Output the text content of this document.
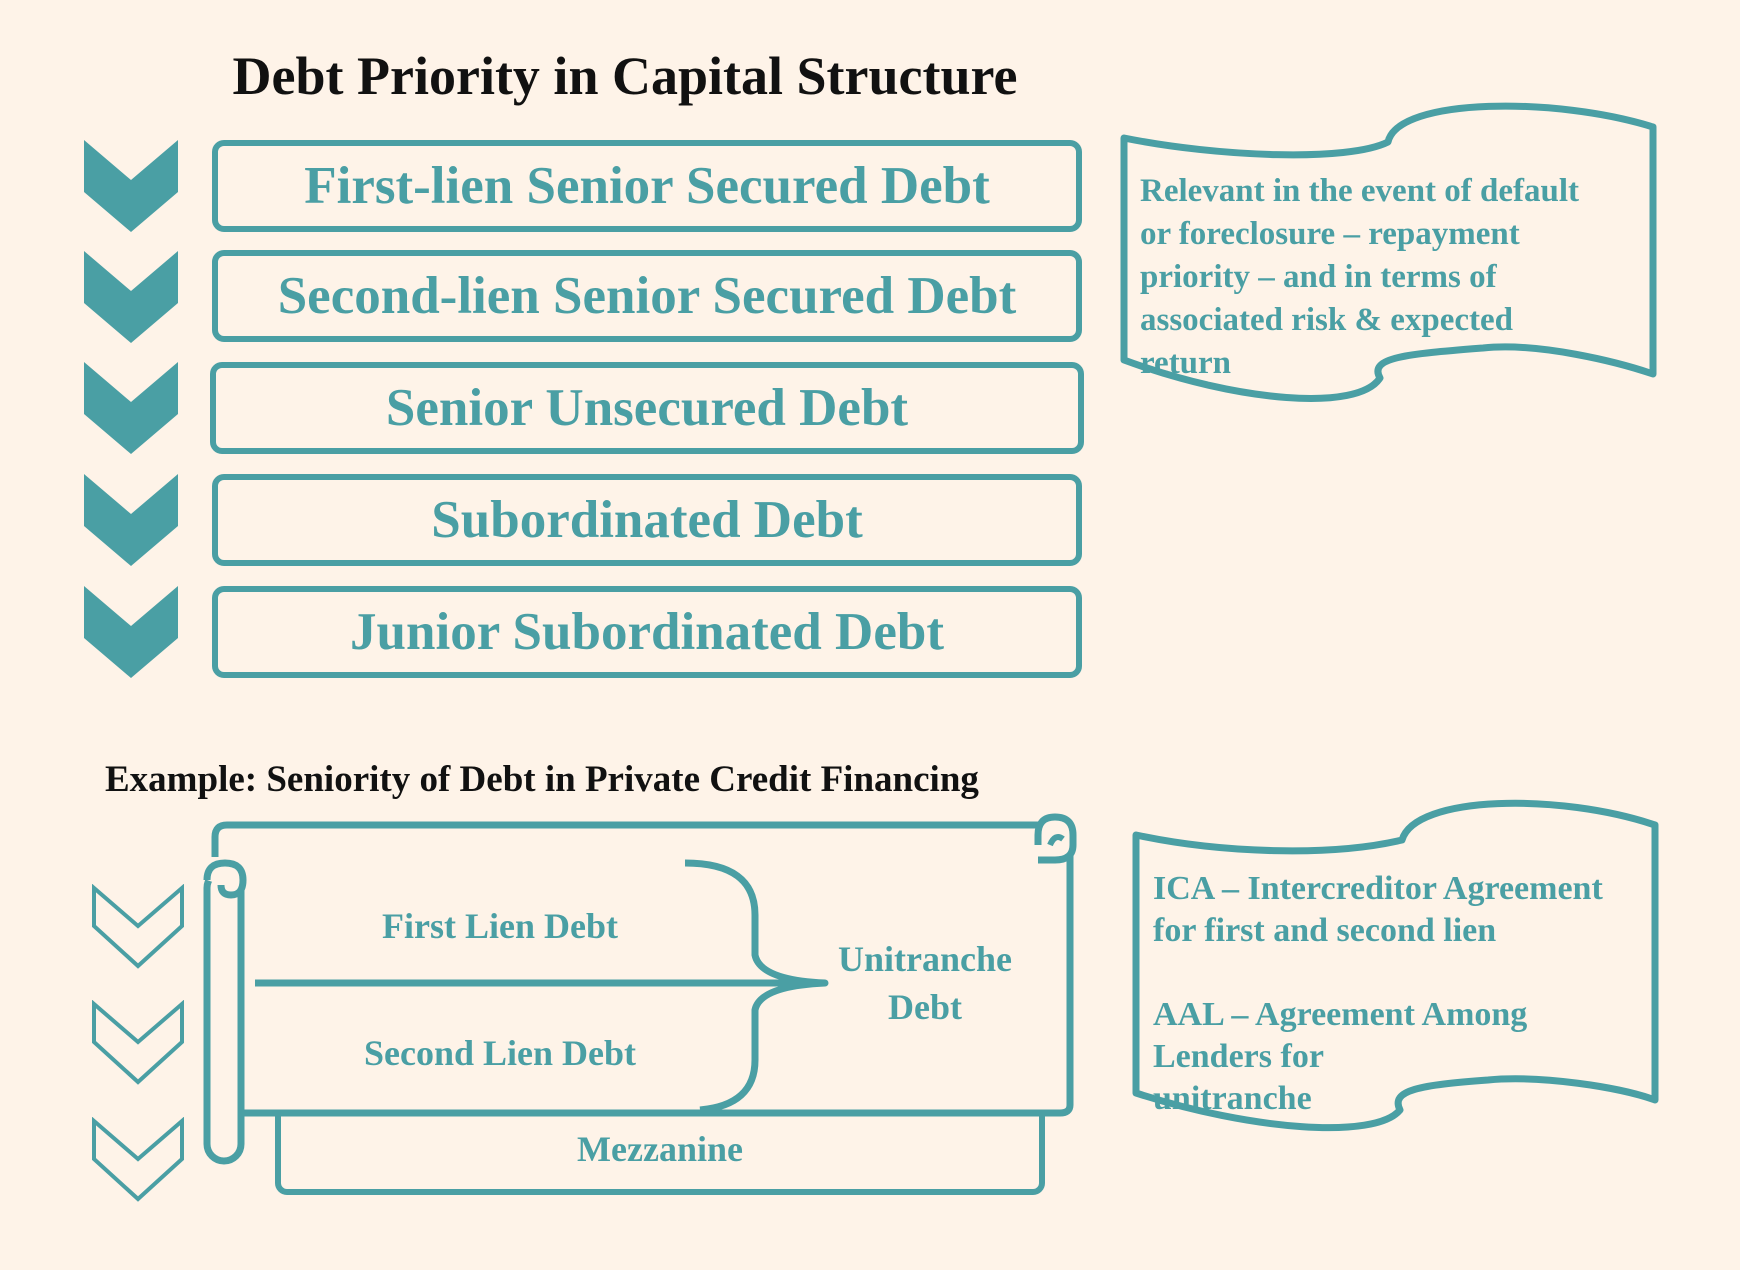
Debt Priority in Capital Structure
First-lien Senior Secured Debt
Second-lien Senior Secured Debt
Senior Unsecured Debt
Subordinated Debt
Junior Subordinated Debt
Relevant in the event of default
or foreclosure – repayment
priority – and in terms of
associated risk & expected
return
Example: Seniority of Debt in Private Credit Financing
Mezzanine
First Lien Debt
Second Lien Debt
Unitranche
Debt
ICA – Intercreditor Agreement
for first and second lien
AAL – Agreement Among
Lenders for
unitranche
